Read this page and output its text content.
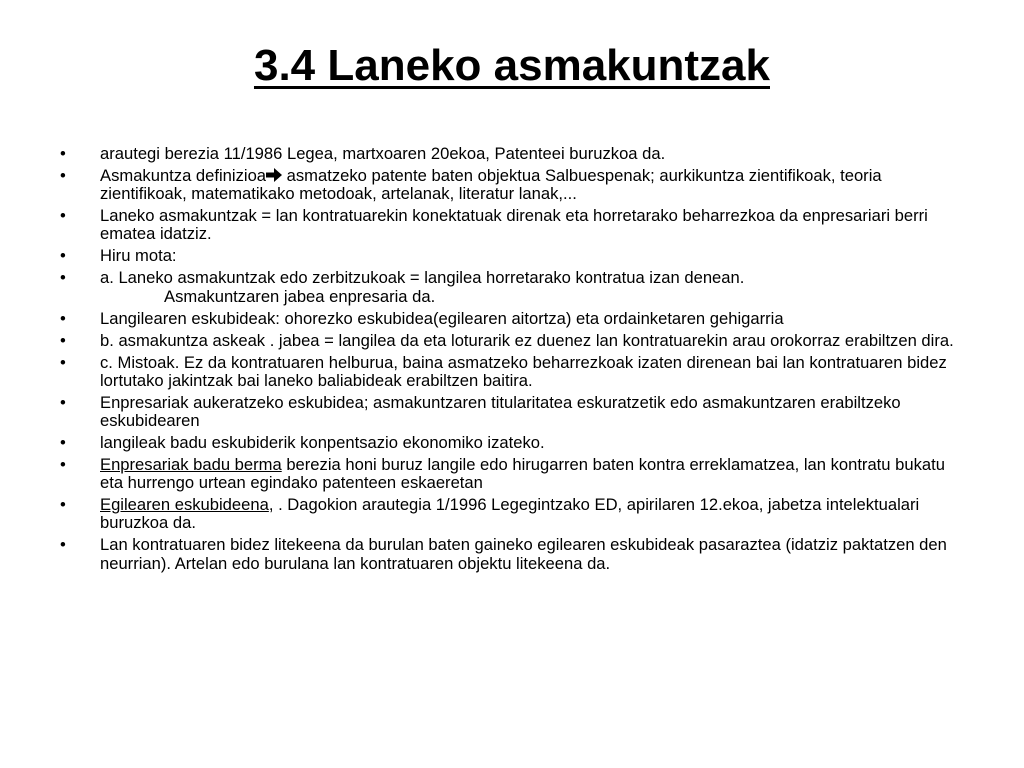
3.4 Laneko asmakuntzak
• arautegi berezia 11/1986 Legea, martxoaren 20ekoa, Patenteei buruzkoa da.
• Asmakuntza definizioa asmatzeko patente baten objektua Salbuespenak; aurkikuntza zientifikoak, teoria zientifikoak, matematikako metodoak, artelanak, literatur lanak,...
• Laneko asmakuntzak = lan kontratuarekin konektatuak direnak eta horretarako beharrezkoa da enpresariari berri ematea idatziz.
• Hiru mota:
• a. Laneko asmakuntzak edo zerbitzukoak = langilea horretarako kontratua izan denean.
Asmakuntzaren jabea enpresaria da.
• Langilearen eskubideak: ohorezko eskubidea(egilearen aitortza) eta ordainketaren gehigarria
• b. asmakuntza askeak . jabea = langilea da eta loturarik ez duenez lan kontratuarekin arau orokorraz erabiltzen dira.
• c. Mistoak. Ez da kontratuaren helburua, baina asmatzeko beharrezkoak izaten direnean bai lan kontratuaren bidez lortutako jakintzak bai laneko baliabideak erabiltzen baitira.
• Enpresariak aukeratzeko eskubidea; asmakuntzaren titularitatea eskuratzetik edo asmakuntzaren erabiltzeko eskubidearen
• langileak badu eskubiderik konpentsazio ekonomiko izateko.
• Enpresariak badu berma berezia honi buruz langile edo hirugarren baten kontra erreklamatzea, lan kontratu bukatu eta hurrengo urtean egindako patenteen eskaeretan
• Egilearen eskubideena, . Dagokion arautegia 1/1996 Legegintzako ED, apirilaren 12.ekoa, jabetza intelektualari buruzkoa da.
• Lan kontratuaren bidez litekeena da burulan baten gaineko egilearen eskubideak pasaraztea (idatziz paktatzen den neurrian). Artelan edo burulana lan kontratuaren objektu litekeena da.
